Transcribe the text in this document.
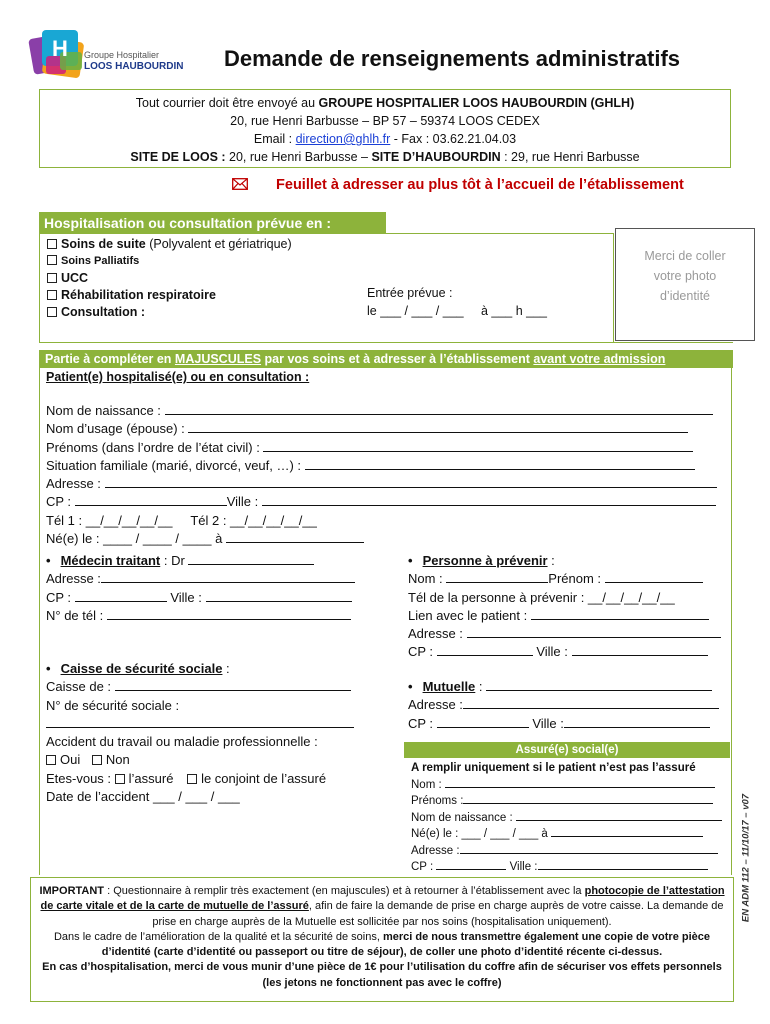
H Groupe Hospitalier
LOOS HAUBOURDIN Demande de renseignements administratifs
Tout courrier doit être envoyé au GROUPE HOSPITALIER LOOS HAUBOURDIN (GHLH)
20, rue Henri Barbusse – BP 57 – 59374 LOOS CEDEX
Email : direction@ghlh.fr - Fax : 03.62.21.04.03
SITE DE LOOS : 20, rue Henri Barbusse – SITE D’HAUBOURDIN : 29, rue Henri Barbusse
Feuillet à adresser au plus tôt à l’accueil de l’établissement
Hospitalisation ou consultation prévue en :
Soins de suite (Polyvalent et gériatrique)
Soins Palliatifs
UCC
Réhabilitation respiratoire
Consultation :
Entrée prévue :
le ___ / ___ / ___     à ___ h ___
Merci de coller votre photo d’identité
Partie à compléter en MAJUSCULES par vos soins et à adresser à l’établissement avant votre admission
Patient(e) hospitalisé(e) ou en consultation :
Nom de naissance :
Nom d’usage (épouse) :
Prénoms (dans l’ordre de l’état civil) :
Situation familiale (marié, divorcé, veuf, …) :
Adresse :
CP :	Ville :
Tél 1 : __/__/__/__/__ Tél 2 : __/__/__/__/__
Né(e) le : ____ / ____ / ____ à
• Médecin traitant : Dr
Adresse :
CP :	Ville :
N° de tél :
• Personne à prévenir :
Nom :	Prénom :
Tél de la personne à prévenir : __/__/__/__/__
Lien avec le patient :
Adresse :
CP :	Ville :
• Caisse de sécurité sociale :
Caisse de :
N° de sécurité sociale :
Accident du travail ou maladie professionnelle :
Oui Non
Etes-vous : l’assuré le conjoint de l’assuré
Date de l’accident ___ / ___ / ___
• Mutuelle :
Adresse :
CP :	Ville :
Assuré(e) social(e)
A remplir uniquement si le patient n’est pas l’assuré
Nom :
Prénoms :
Nom de naissance :
Né(e) le : ___ / ___ / ___ à
Adresse :
CP :	Ville :	EN ADM 112 – 11/10/17 – v07
IMPORTANT : Questionnaire à remplir très exactement (en majuscules) et à retourner à l’établissement avec la photocopie de l’attestation de carte vitale et de la carte de mutuelle de l’assuré, afin de faire la demande de prise en charge auprès de votre caisse. La demande de prise en charge auprès de la Mutuelle est sollicitée par nos soins (hospitalisation uniquement).
Dans le cadre de l’amélioration de la qualité et la sécurité de soins, merci de nous transmettre également une copie de votre pièce d’identité (carte d’identité ou passeport ou titre de séjour), de coller une photo d’identité récente ci-dessus.
En cas d’hospitalisation, merci de vous munir d’une pièce de 1€ pour l’utilisation du coffre afin de sécuriser vos effets personnels (les jetons ne fonctionnent pas avec le coffre)
